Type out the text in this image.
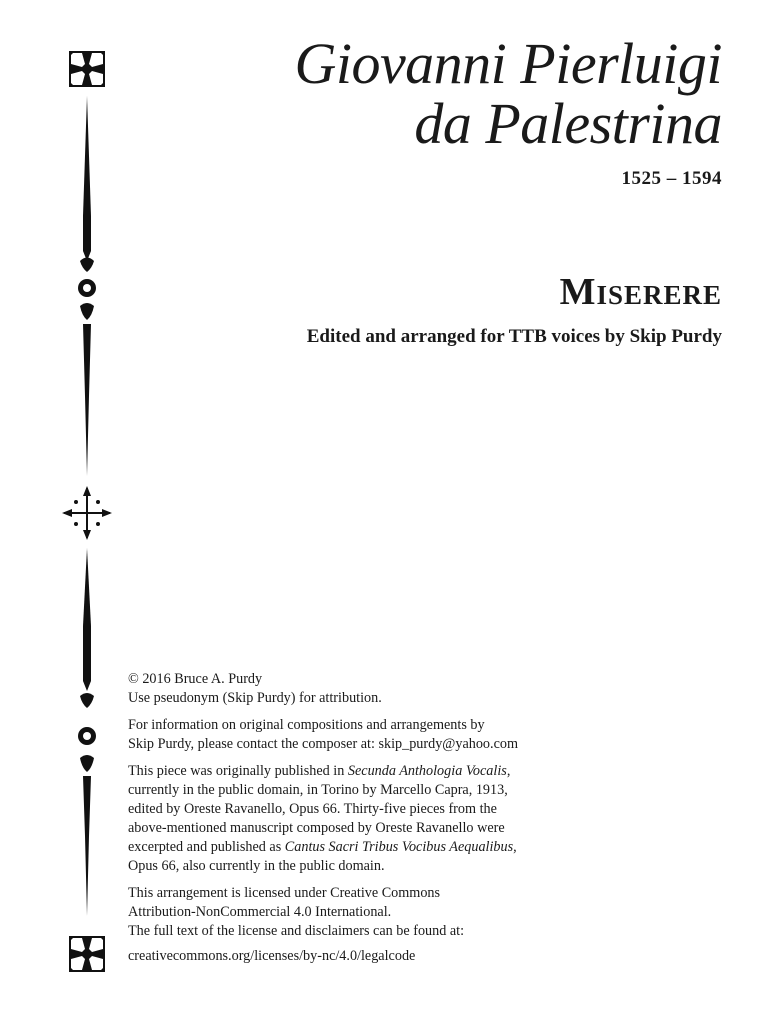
Giovanni Pierluigi
da Palestrina
1525 – 1594
Miserere
Edited and arranged for TTB voices by Skip Purdy

© 2016 Bruce A. Purdy
Use pseudonym (Skip Purdy) for attribution.

For information on original compositions and arrangements by
Skip Purdy, please contact the composer at: skip_purdy@yahoo.com

This piece was originally published in Secunda Anthologia Vocalis,
currently in the public domain, in Torino by Marcello Capra, 1913,
edited by Oreste Ravanello, Opus 66. Thirty-five pieces from the
above-mentioned manuscript composed by Oreste Ravanello were
excerpted and published as Cantus Sacri Tribus Vocibus Aequalibus,
Opus 66, also currently in the public domain.

This arrangement is licensed under Creative Commons
Attribution-NonCommercial 4.0 International.
The full text of the license and disclaimers can be found at:
creativecommons.org/licenses/by-nc/4.0/legalcode
